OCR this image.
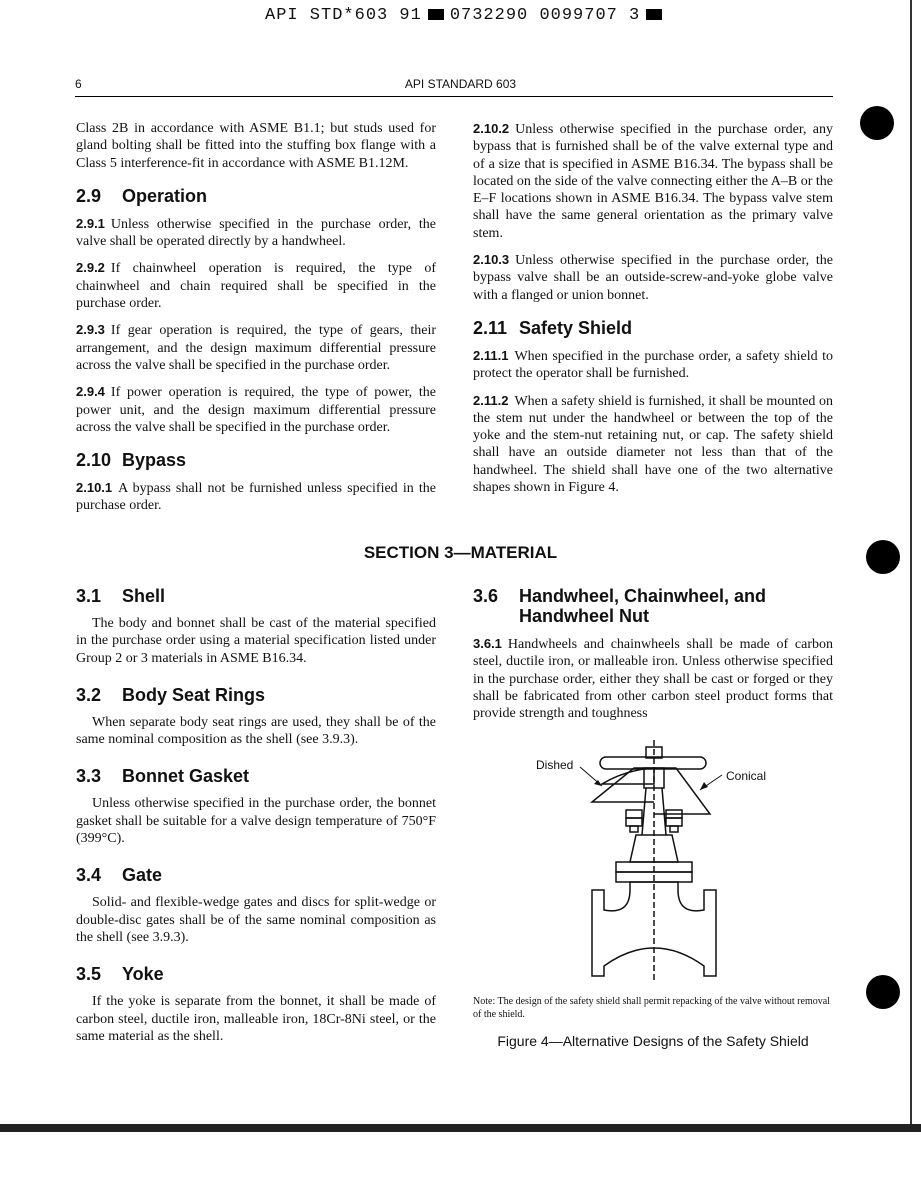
API STD*603 91 0732290 0099707 3
6	API STANDARD 603

Class 2B in accordance with ASME B1.1; but studs used for gland bolting shall be fitted into the stuffing box flange with a Class 5 interference-fit in accordance with ASME B1.12M.

2.9 Operation

2.9.1 Unless otherwise specified in the purchase order, the valve shall be operated directly by a handwheel.

2.9.2 If chainwheel operation is required, the type of chainwheel and chain required shall be specified in the purchase order.

2.9.3 If gear operation is required, the type of gears, their arrangement, and the design maximum differential pressure across the valve shall be specified in the purchase order.

2.9.4 If power operation is required, the type of power, the power unit, and the design maximum differential pressure across the valve shall be specified in the purchase order.

2.10 Bypass

2.10.1 A bypass shall not be furnished unless specified in the purchase order.

2.10.2 Unless otherwise specified in the purchase order, any bypass that is furnished shall be of the valve external type and of a size that is specified in ASME B16.34. The bypass shall be located on the side of the valve connecting either the A–B or the E–F locations shown in ASME B16.34. The bypass valve stem shall have the same general orientation as the primary valve stem.

2.10.3 Unless otherwise specified in the purchase order, the bypass valve shall be an outside-screw-and-yoke globe valve with a flanged or union bonnet.

2.11 Safety Shield

2.11.1 When specified in the purchase order, a safety shield to protect the operator shall be furnished.

2.11.2 When a safety shield is furnished, it shall be mounted on the stem nut under the handwheel or between the top of the yoke and the stem-nut retaining nut, or cap. The safety shield shall have an outside diameter not less than that of the handwheel. The shield shall have one of the two alternative shapes shown in Figure 4.

SECTION 3—MATERIAL
3.1 Shell

The body and bonnet shall be cast of the material specified in the purchase order using a material specification listed under Group 2 or 3 materials in ASME B16.34.

3.2 Body Seat Rings

When separate body seat rings are used, they shall be of the same nominal composition as the shell (see 3.9.3).

3.3 Bonnet Gasket

Unless otherwise specified in the purchase order, the bonnet gasket shall be suitable for a valve design temperature of 750°F (399°C).

3.4 Gate

Solid- and flexible-wedge gates and discs for split-wedge or double-disc gates shall be of the same nominal composition as the shell (see 3.9.3).

3.5 Yoke

If the yoke is separate from the bonnet, it shall be made of carbon steel, ductile iron, malleable iron, 18Cr-8Ni steel, or the same material as the shell.

3.6 Handwheel, Chainwheel, and
Handwheel Nut

3.6.1 Handwheels and chainwheels shall be made of carbon steel, ductile iron, or malleable iron. Unless otherwise specified in the purchase order, either they shall be cast or forged or they shall be fabricated from other carbon steel product forms that provide strength and toughness

Dished
Conical
Note: The design of the safety shield shall permit repacking of the valve without removal of the shield.
Figure 4—Alternative Designs of the Safety Shield
